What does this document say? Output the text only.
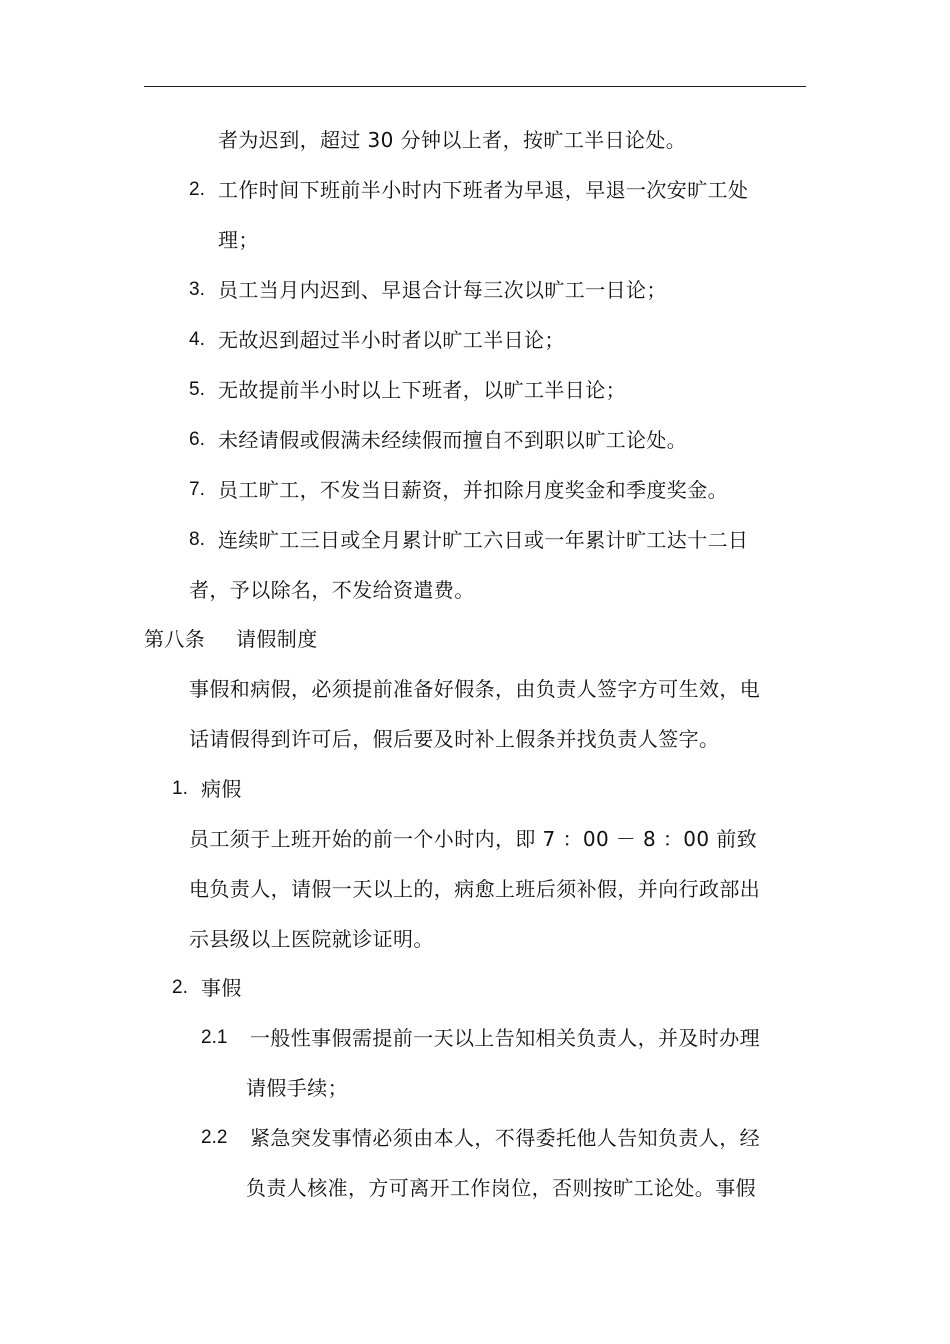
者为迟到，超过 30 分钟以上者，按旷工半日论处。
2. 工作时间下班前半小时内下班者为早退，早退一次安旷工处
理；
3. 员工当月内迟到、早退合计每三次以旷工一日论；
4. 无故迟到超过半小时者以旷工半日论；
5. 无故提前半小时以上下班者，以旷工半日论；
6. 未经请假或假满未经续假而擅自不到职以旷工论处。
7. 员工旷工，不发当日薪资，并扣除月度奖金和季度奖金。
8. 连续旷工三日或全月累计旷工六日或一年累计旷工达十二日
者，予以除名，不发给资遣费。
第八条 请假制度
事假和病假，必须提前准备好假条，由负责人签字方可生效，电
话请假得到许可后，假后要及时补上假条并找负责人签字。
1. 病假
员工须于上班开始的前一个小时内，即 7 ：00 － 8 ：00 前致
电负责人，请假一天以上的，病愈上班后须补假，并向行政部出
示县级以上医院就诊证明。
2. 事假
2.1 一般性事假需提前一天以上告知相关负责人，并及时办理
请假手续；
2.2 紧急突发事情必须由本人，不得委托他人告知负责人，经
负责人核准，方可离开工作岗位，否则按旷工论处。事假
